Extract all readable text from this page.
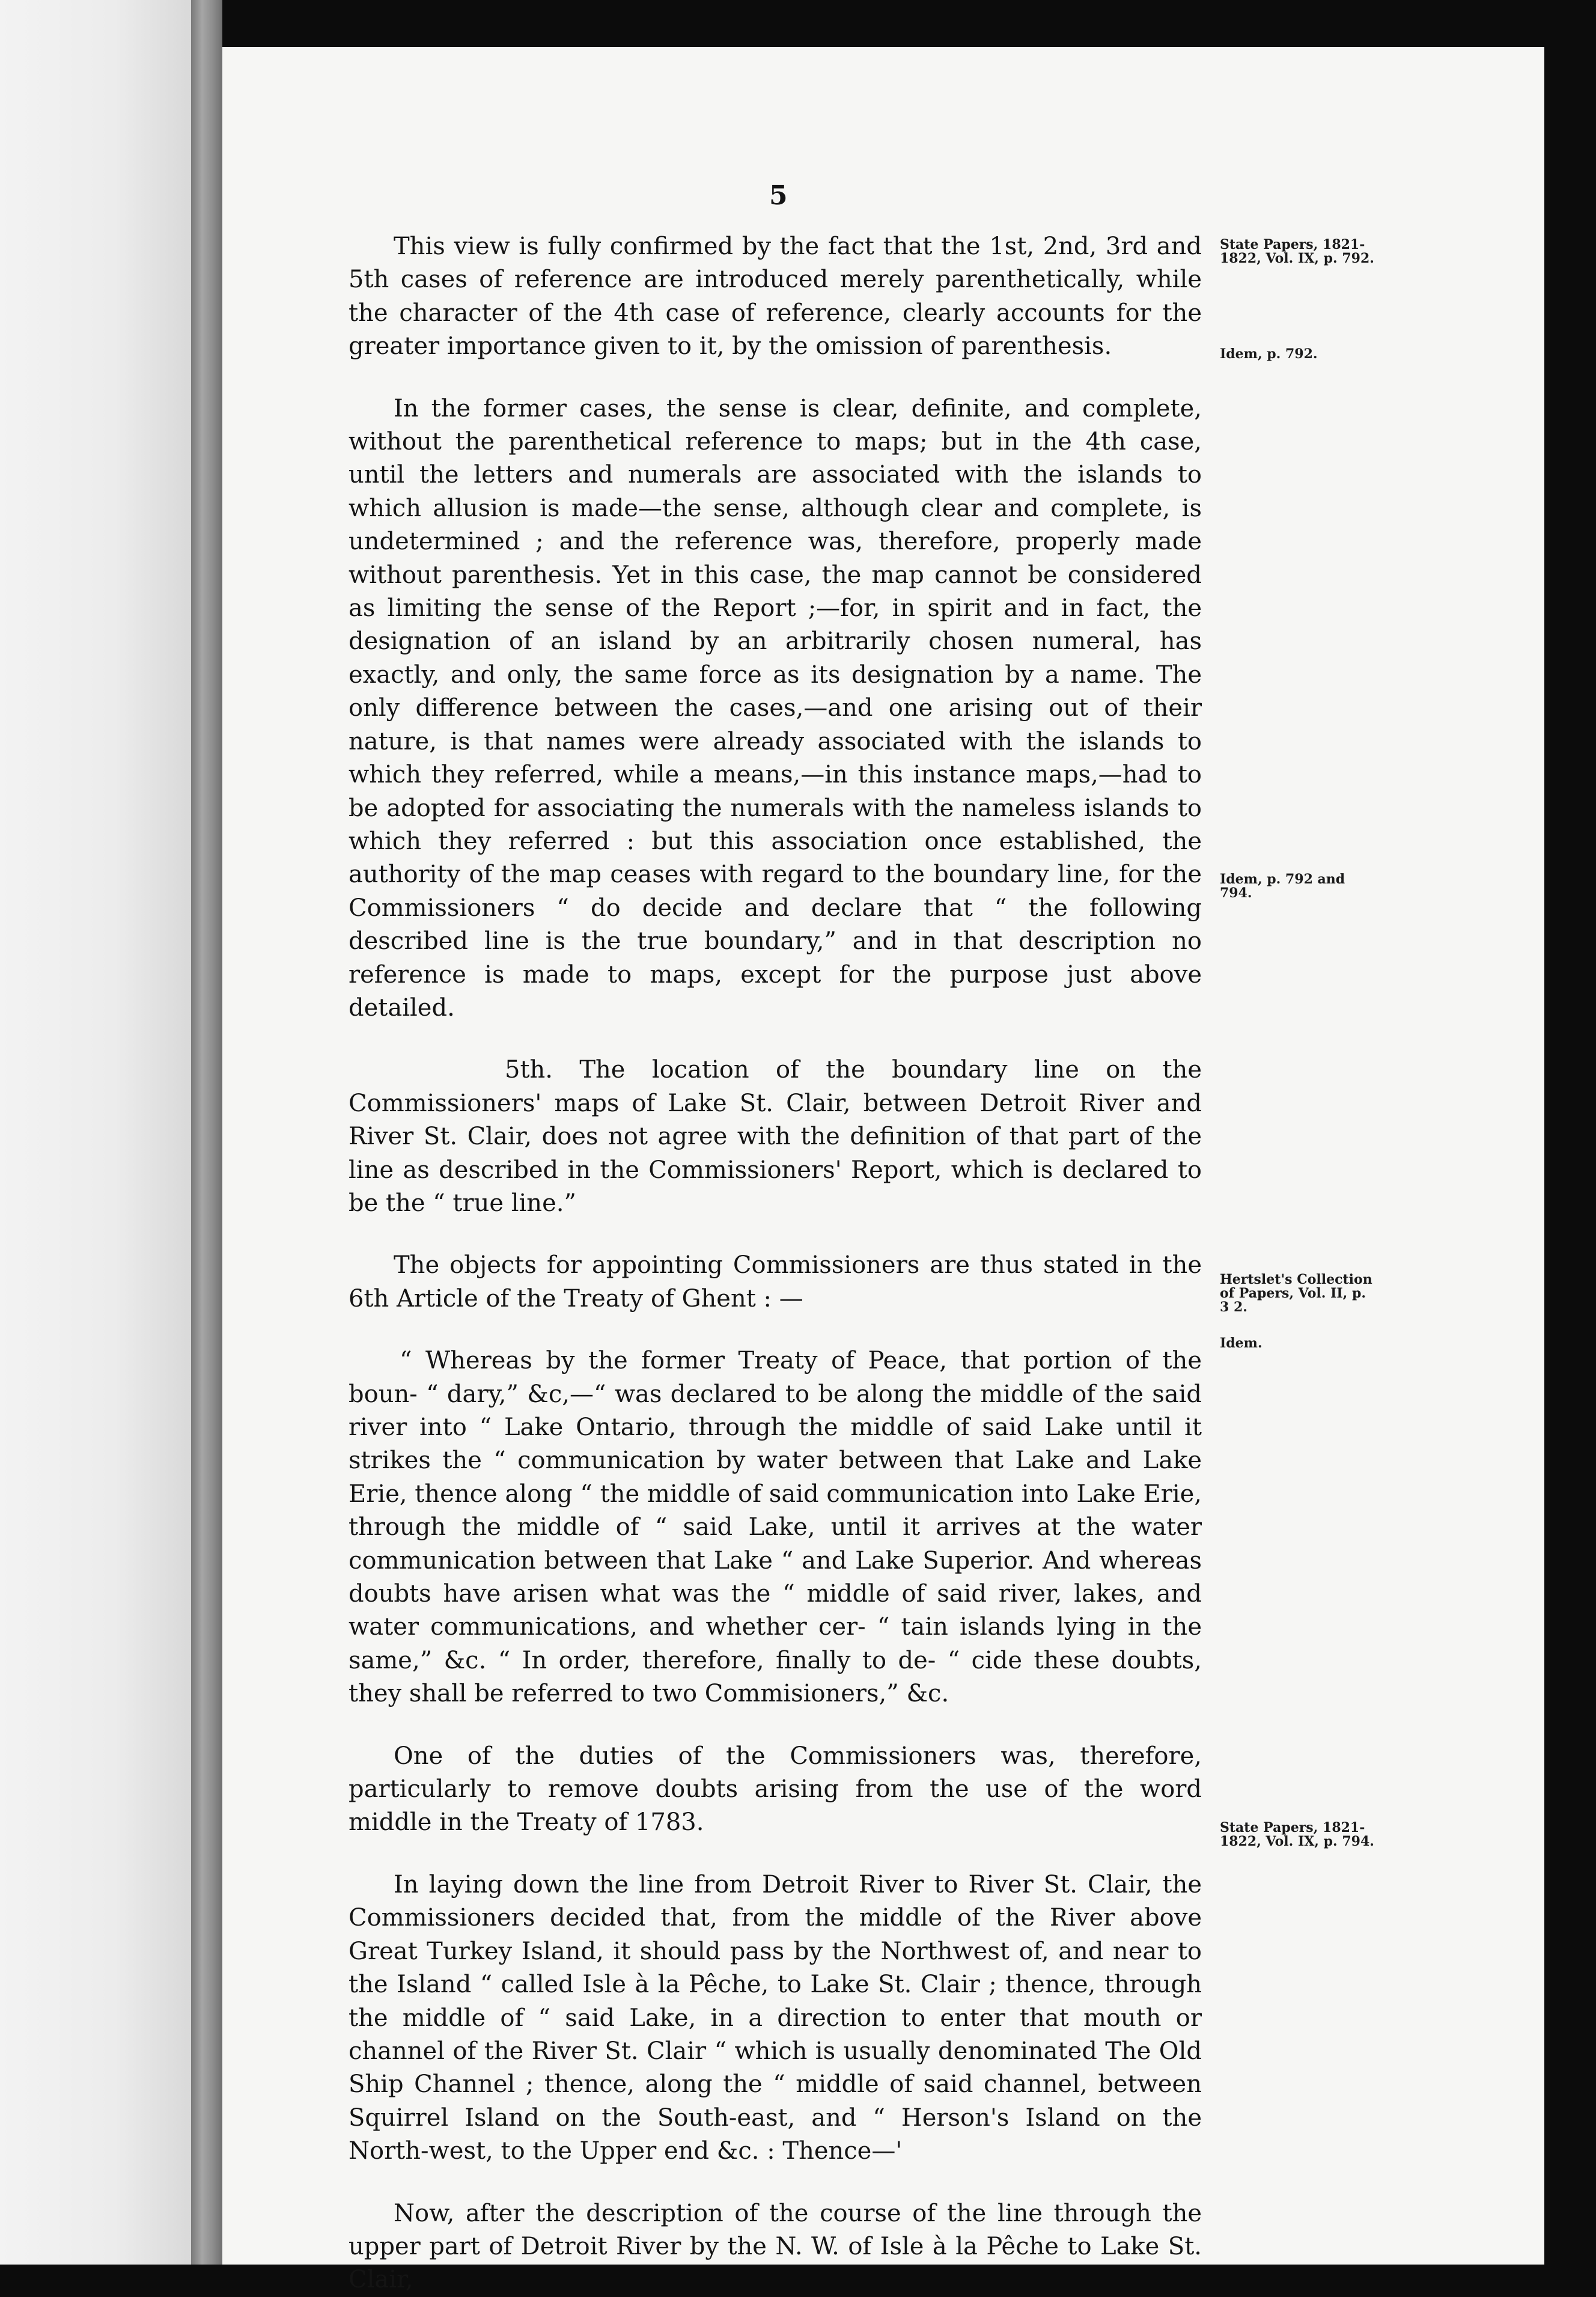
5

This view is fully confirmed by the fact that the 1st, 2nd, 3rd and 5th cases of reference are introduced merely parenthetically, while the character of the 4th case of reference, clearly accounts for the greater importance given to it, by the omission of parenthesis.

In the former cases, the sense is clear, definite, and complete, without the parenthetical reference to maps; but in the 4th case, until the letters and numerals are associated with the islands to which allusion is made—the sense, although clear and complete, is undetermined ; and the reference was, therefore, properly made without parenthesis. Yet in this case, the map cannot be considered as limiting the sense of the Report ;—for, in spirit and in fact, the designation of an island by an arbitrarily chosen numeral, has exactly, and only, the same force as its designation by a name. The only difference between the cases,—and one arising out of their nature, is that names were already associated with the islands to which they referred, while a means,—in this instance maps,—had to be adopted for associating the numerals with the nameless islands to which they referred : but this association once established, the authority of the map ceases with regard to the boundary line, for the Commissioners “ do decide and declare that “ the following described line is the true boundary,” and in that description no reference is made to maps, except for the purpose just above detailed.

5th. The location of the boundary line on the Commissioners' maps of Lake St. Clair, between Detroit River and River St. Clair, does not agree with the definition of that part of the line as described in the Commissioners' Report, which is declared to be the “ true line.”

The objects for appointing Commissioners are thus stated in the 6th Article of the Treaty of Ghent : —

“ Whereas by the former Treaty of Peace, that portion of the boun- “ dary,” &c,—“ was declared to be along the middle of the said river into “ Lake Ontario, through the middle of said Lake until it strikes the “ communication by water between that Lake and Lake Erie, thence along “ the middle of said communication into Lake Erie, through the middle of “ said Lake, until it arrives at the water communication between that Lake “ and Lake Superior. And whereas doubts have arisen what was the “ middle of said river, lakes, and water communications, and whether cer- “ tain islands lying in the same,” &c. “ In order, therefore, finally to de- “ cide these doubts, they shall be referred to two Commisioners,” &c.

One of the duties of the Commissioners was, therefore, particularly to remove doubts arising from the use of the word middle in the Treaty of 1783.

In laying down the line from Detroit River to River St. Clair, the Commissioners decided that, from the middle of the River above Great Turkey Island, it should pass by the Northwest of, and near to the Island “ called Isle à la Pêche, to Lake St. Clair ; thence, through the middle of “ said Lake, in a direction to enter that mouth or channel of the River St. Clair “ which is usually denominated The Old Ship Channel ; thence, along the “ middle of said channel, between Squirrel Island on the South-east, and “ Herson's Island on the North-west, to the Upper end &c. : Thence—'

Now, after the description of the course of the line through the upper part of Detroit River by the N. W. of Isle à la Pêche to Lake St. Clair,

State Papers, 1821-1822, Vol. IX, p. 792.
Idem, p. 792.
Idem, p. 792 and 794.
Hertslet's Collection of Papers, Vol. II, p. 3 2.
Idem.
State Papers, 1821-1822, Vol. IX, p. 794.
